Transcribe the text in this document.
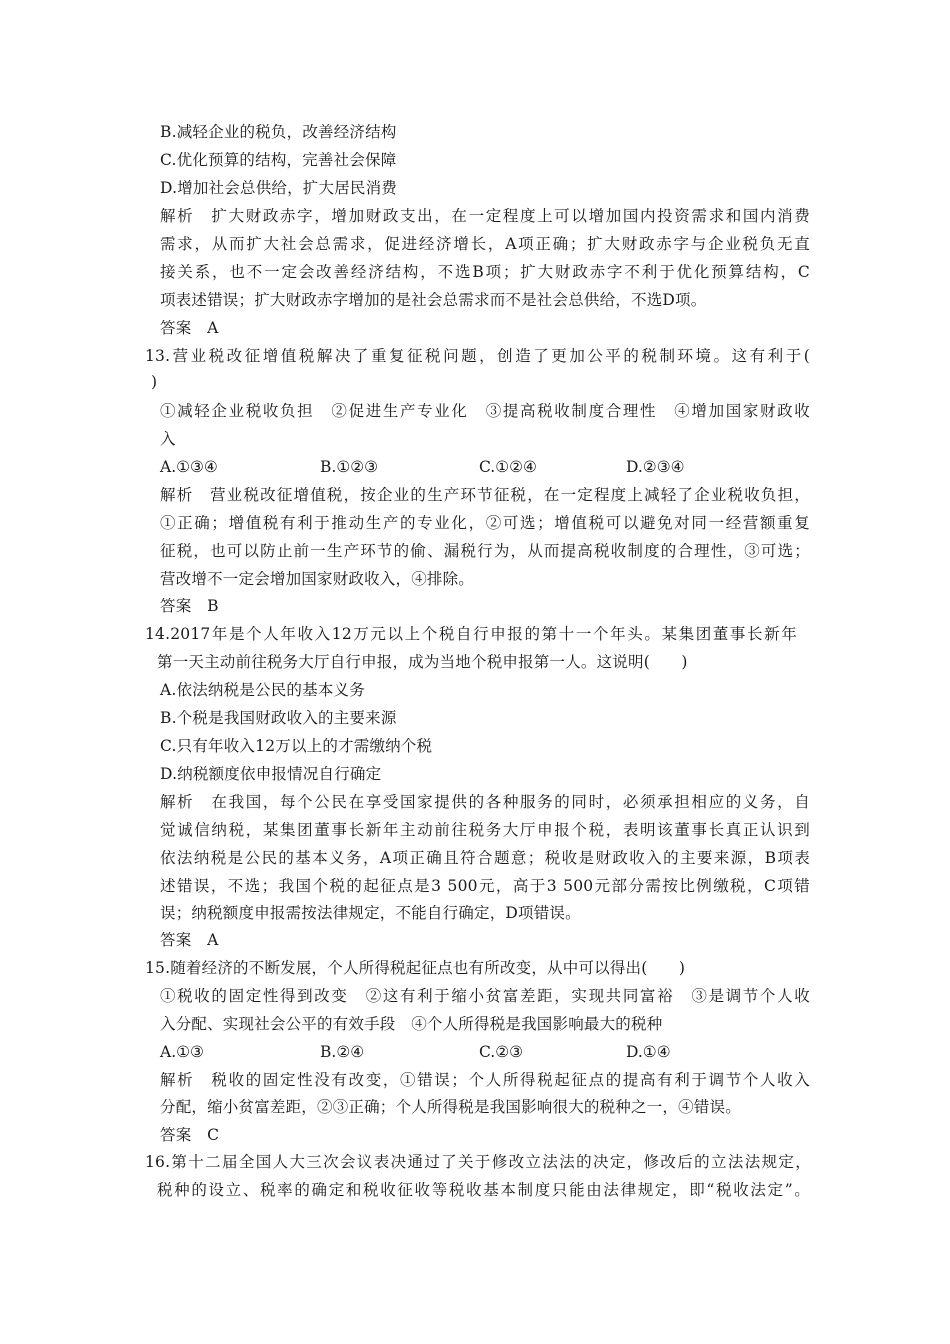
B.减轻企业的税负，改善经济结构
C.优化预算的结构，完善社会保障
D.增加社会总供给，扩大居民消费
解析　扩大财政赤字，增加财政支出，在一定程度上可以增加国内投资需求和国内消费
需求，从而扩大社会总需求，促进经济增长，A项正确；扩大财政赤字与企业税负无直
接关系，也不一定会改善经济结构，不选B项；扩大财政赤字不利于优化预算结构，C
项表述错误；扩大财政赤字增加的是社会总需求而不是社会总供给，不选D项。
答案　A
13.营业税改征增值税解决了重复征税问题，创造了更加公平的税制环境。这有利于(
)
①减轻企业税收负担　②促进生产专业化　③提高税收制度合理性　④增加国家财政收
入
A.①③④	B.①②③	C.①②④	D.②③④
解析　营业税改征增值税，按企业的生产环节征税，在一定程度上减轻了企业税收负担，
①正确；增值税有利于推动生产的专业化，②可选；增值税可以避免对同一经营额重复
征税，也可以防止前一生产环节的偷、漏税行为，从而提高税收制度的合理性，③可选；
营改增不一定会增加国家财政收入，④排除。
答案　B
14.2017年是个人年收入12万元以上个税自行申报的第十一个年头。某集团董事长新年
第一天主动前往税务大厅自行申报，成为当地个税申报第一人。这说明(　　)
A.依法纳税是公民的基本义务
B.个税是我国财政收入的主要来源
C.只有年收入12万以上的才需缴纳个税
D.纳税额度依申报情况自行确定
解析　在我国，每个公民在享受国家提供的各种服务的同时，必须承担相应的义务，自
觉诚信纳税，某集团董事长新年主动前往税务大厅申报个税，表明该董事长真正认识到
依法纳税是公民的基本义务，A项正确且符合题意；税收是财政收入的主要来源，B项表
述错误，不选；我国个税的起征点是3 500元，高于3 500元部分需按比例缴税，C项错
误；纳税额度申报需按法律规定，不能自行确定，D项错误。
答案　A
15.随着经济的不断发展，个人所得税起征点也有所改变，从中可以得出(　　)
①税收的固定性得到改变　②这有利于缩小贫富差距，实现共同富裕　③是调节个人收
入分配、实现社会公平的有效手段　④个人所得税是我国影响最大的税种
A.①③	B.②④	C.②③	D.①④
解析　税收的固定性没有改变，①错误；个人所得税起征点的提高有利于调节个人收入
分配，缩小贫富差距，②③正确；个人所得税是我国影响很大的税种之一，④错误。
答案　C
16.第十二届全国人大三次会议表决通过了关于修改立法法的决定，修改后的立法法规定，
税种的设立、税率的确定和税收征收等税收基本制度只能由法律规定，即“税收法定”。
